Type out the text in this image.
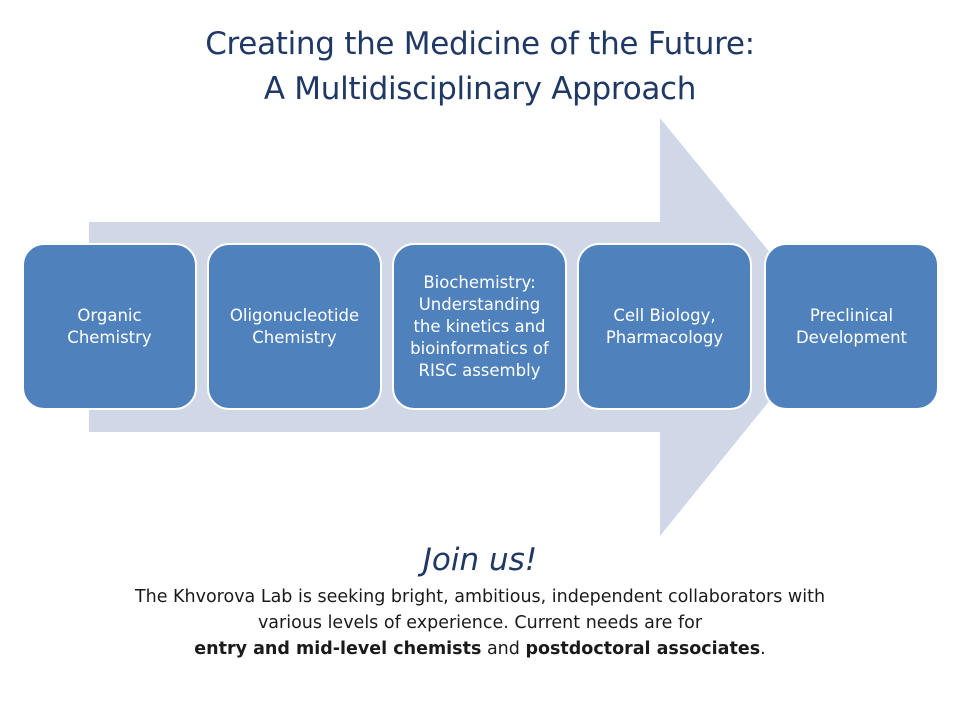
Creating the Medicine of the Future:
A Multidisciplinary Approach
Organic
Chemistry
Oligonucleotide
Chemistry
Biochemistry:
Understanding
the kinetics and
bioinformatics of
RISC assembly
Cell Biology,
Pharmacology
Preclinical
Development
Join us!
The Khvorova Lab is seeking bright, ambitious, independent collaborators with
various levels of experience. Current needs are for
entry and mid-level chemists and postdoctoral associates.
